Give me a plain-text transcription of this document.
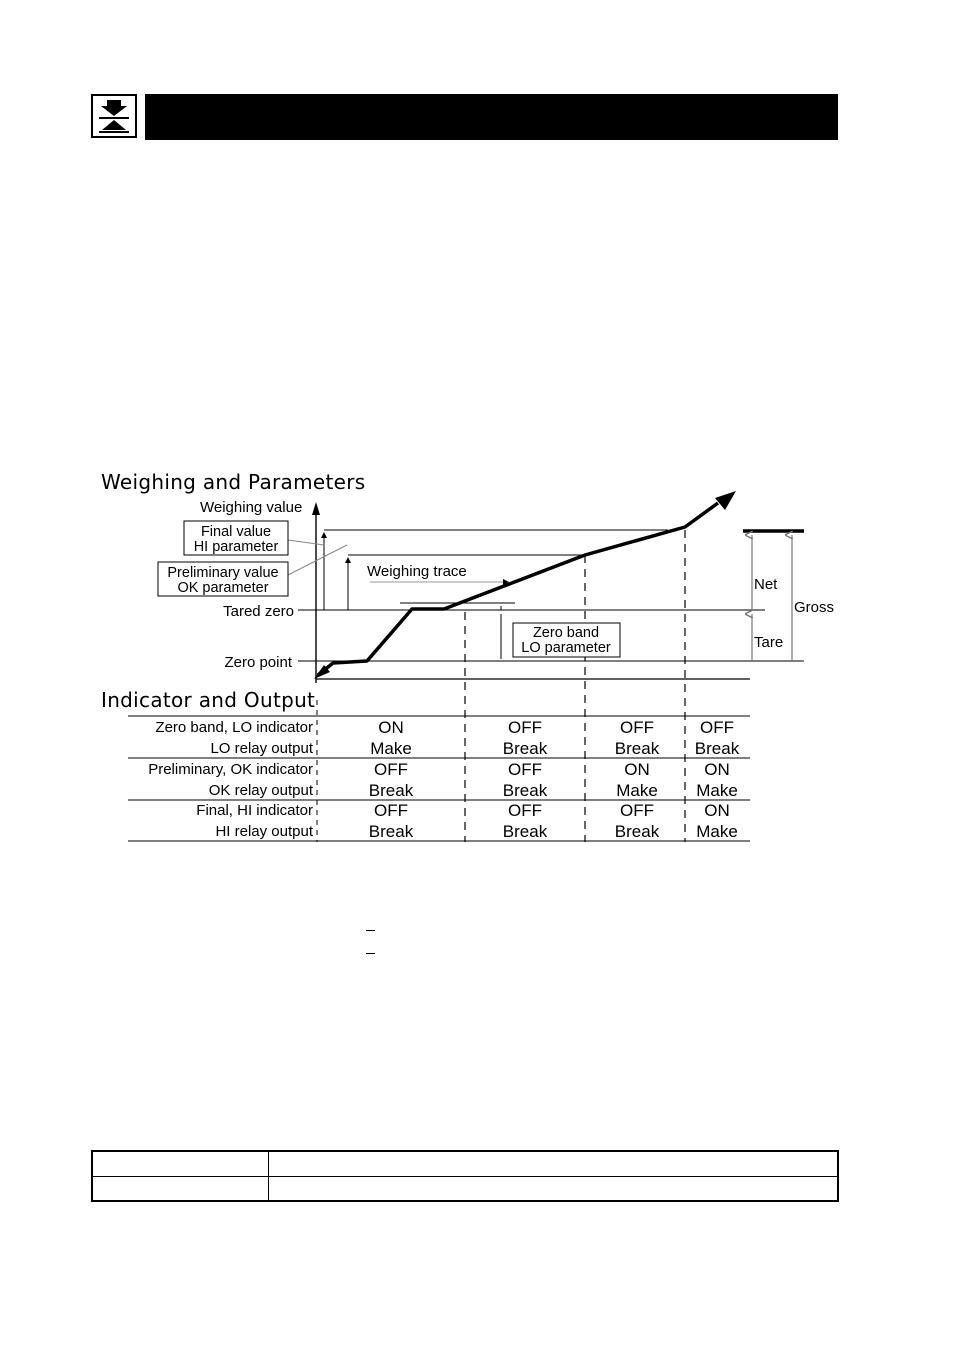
Weighing and Parameters
Indicator and Output
Weighing value
Final value
HI parameter
Preliminary value
OK parameter
Tared zero
Zero point
Weighing trace
Zero band
LO parameter
Net
Tare
Gross
Zero band, LO indicator
LO relay output
ON
Make
OFF
Break
OFF
Break
OFF
Break
Preliminary, OK indicator
OK relay output
OFF
Break
OFF
Break
ON
Make
ON
Make
Final, HI indicator
HI relay output
OFF
Break
OFF
Break
OFF
Break
ON
Make
